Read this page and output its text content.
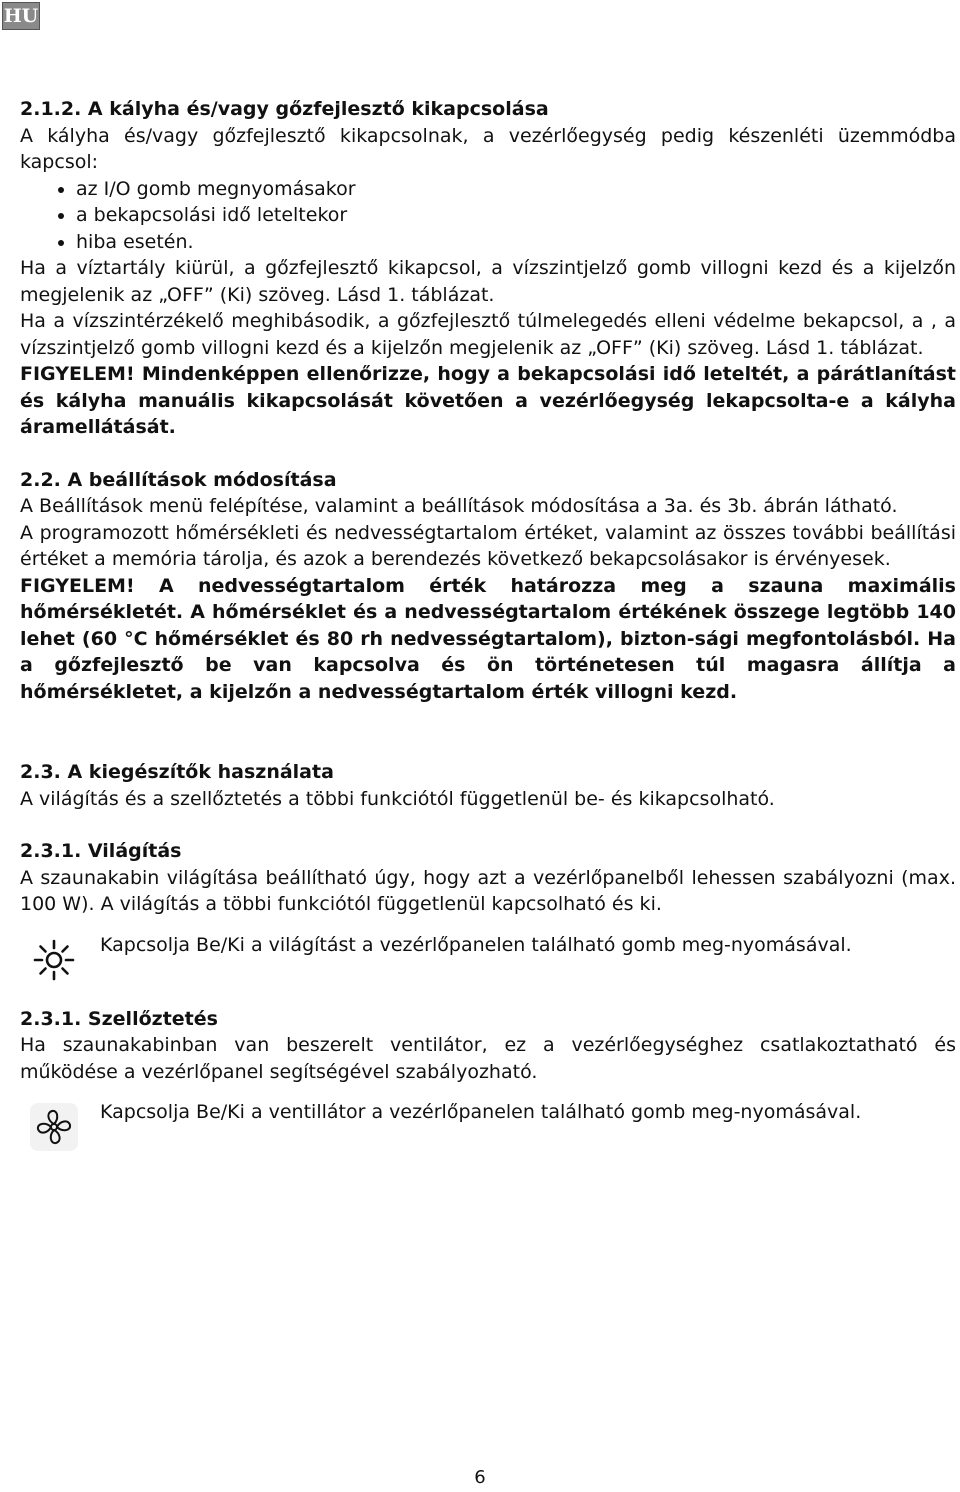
HU

2.1.2. A kályha és/vagy gőzfejlesztő kikapcsolása

A kályha és/vagy gőzfejlesztő kikapcsolnak, a vezérlőegység pedig készenléti üzemmódba kapcsol:

• az I/O gomb megnyomásakor
• a bekapcsolási idő leteltekor
• hiba esetén.

Ha a víztartály kiürül, a gőzfejlesztő kikapcsol, a vízszintjelző gomb villogni kezd és a kijelzőn megjelenik az „OFF” (Ki) szöveg. Lásd 1. táblázat.

Ha a vízszintérzékelő meghibásodik, a gőzfejlesztő túlmelegedés elleni védelme bekapcsol, a , a vízszintjelző gomb villogni kezd és a kijelzőn megjelenik az „OFF” (Ki) szöveg. Lásd 1. táblázat.

FIGYELEM! Mindenképpen ellenőrizze, hogy a bekapcsolási idő leteltét, a párátlanítást és kályha manuális kikapcsolását követően a vezérlőegység lekapcsolta-e a kályha áramellátását.

2.2. A beállítások módosítása

A Beállítások menü felépítése, valamint a beállítások módosítása a 3a. és 3b. ábrán látható.

A programozott hőmérsékleti és nedvességtartalom értéket, valamint az összes további beállítási értéket a memória tárolja, és azok a berendezés következő bekapcsolásakor is érvényesek.

FIGYELEM! A nedvességtartalom érték határozza meg a szauna maximális hőmérsékletét. A hőmérséklet és a nedvességtartalom értékének összege legtöbb 140 lehet (60 °C hőmérséklet és 80 rh nedvességtartalom), bizton-sági megfontolásból. Ha a gőzfejlesztő be van kapcsolva és ön történetesen túl magasra állítja a hőmérsékletet, a kijelzőn a nedvességtartalom érték villogni kezd.

2.3. A kiegészítők használata

A világítás és a szellőztetés a többi funkciótól függetlenül be- és kikapcsolható.

2.3.1. Világítás

A szaunakabin világítása beállítható úgy, hogy azt a vezérlőpanelből lehessen szabályozni (max. 100 W). A világítás a többi funkciótól függetlenül kapcsolható és ki.

Kapcsolja Be/Ki a világítást a vezérlőpanelen található gomb meg-nyomásával.

2.3.1. Szellőztetés

Ha szaunakabinban van beszerelt ventilátor, ez a vezérlőegységhez csatlakoztatható és működése a vezérlőpanel segítségével szabályozható.

Kapcsolja Be/Ki a ventillátor a vezérlőpanelen található gomb meg-nyomásával.

6
